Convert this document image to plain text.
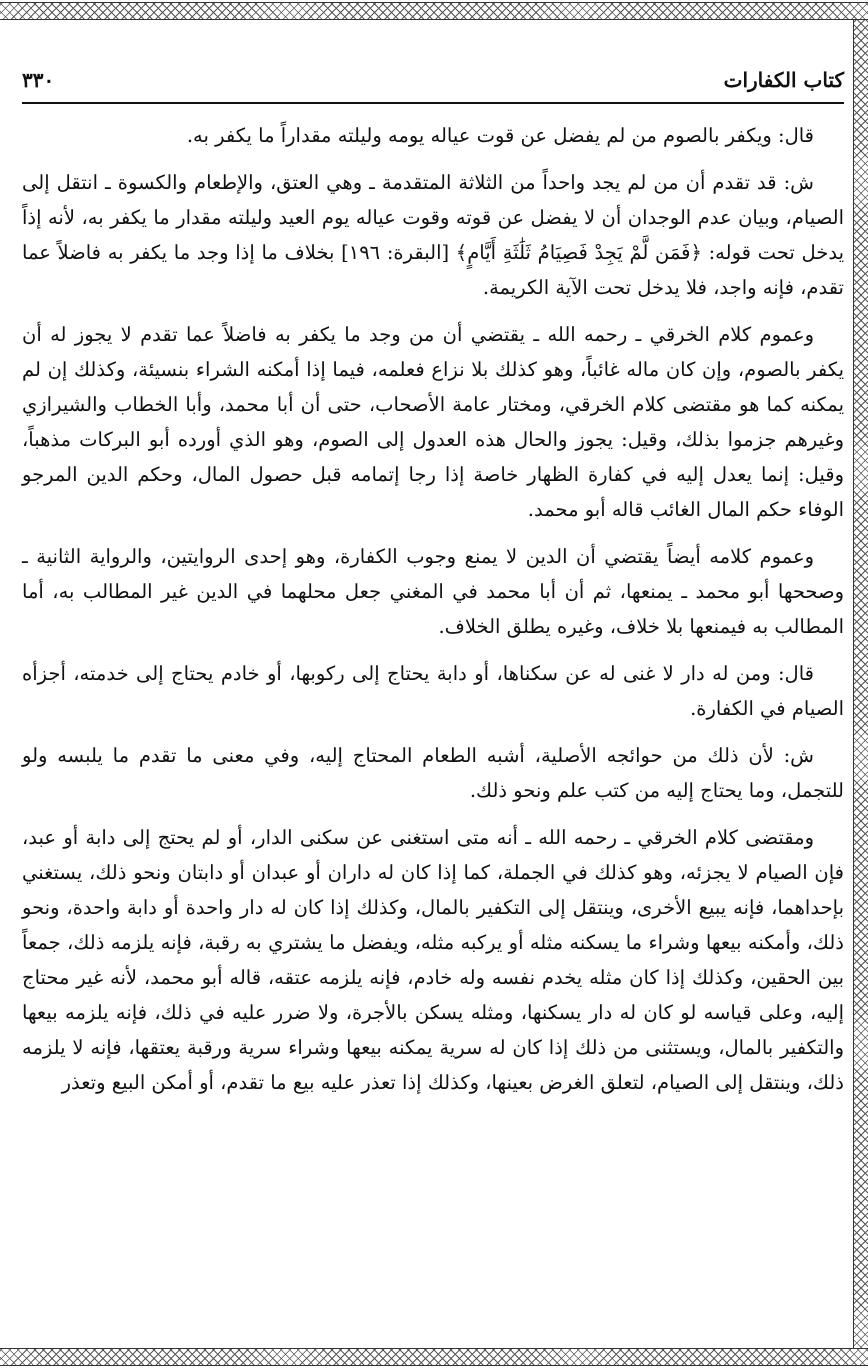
كتاب الكفارات
٣٣٠

قال: ويكفر بالصوم من لم يفضل عن قوت عياله يومه وليلته مقداراً ما يكفر به.

ش: قد تقدم أن من لم يجد واحداً من الثلاثة المتقدمة ـ وهي العتق، والإطعام والكسوة ـ انتقل إلى الصيام، وبيان عدم الوجدان أن لا يفضل عن قوته وقوت عياله يوم العيد وليلته مقدار ما يكفر به، لأنه إذاً يدخل تحت قوله: ﴿فَمَن لَّمْ يَجِدْ فَصِيَامُ ثَلَٰثَةِ أَيَّامٍ﴾ [البقرة: ١٩٦] بخلاف ما إذا وجد ما يكفر به فاضلاً عما تقدم، فإنه واجد، فلا يدخل تحت الآية الكريمة.

وعموم كلام الخرقي ـ رحمه الله ـ يقتضي أن من وجد ما يكفر به فاضلاً عما تقدم لا يجوز له أن يكفر بالصوم، وإن كان ماله غائباً، وهو كذلك بلا نزاع فعلمه، فيما إذا أمكنه الشراء بنسيئة، وكذلك إن لم يمكنه كما هو مقتضى كلام الخرقي، ومختار عامة الأصحاب، حتى أن أبا محمد، وأبا الخطاب والشيرازي وغيرهم جزموا بذلك، وقيل: يجوز والحال هذه العدول إلى الصوم، وهو الذي أورده أبو البركات مذهباً، وقيل: إنما يعدل إليه في كفارة الظهار خاصة إذا رجا إتمامه قبل حصول المال، وحكم الدين المرجو الوفاء حكم المال الغائب قاله أبو محمد.

وعموم كلامه أيضاً يقتضي أن الدين لا يمنع وجوب الكفارة، وهو إحدى الروايتين، والرواية الثانية ـ وصححها أبو محمد ـ يمنعها، ثم أن أبا محمد في المغني جعل محلهما في الدين غير المطالب به، أما المطالب به فيمنعها بلا خلاف، وغيره يطلق الخلاف.

قال: ومن له دار لا غنى له عن سكناها، أو دابة يحتاج إلى ركوبها، أو خادم يحتاج إلى خدمته، أجزأه الصيام في الكفارة.

ش: لأن ذلك من حوائجه الأصلية، أشبه الطعام المحتاج إليه، وفي معنى ما تقدم ما يلبسه ولو للتجمل، وما يحتاج إليه من كتب علم ونحو ذلك.

ومقتضى كلام الخرقي ـ رحمه الله ـ أنه متى استغنى عن سكنى الدار، أو لم يحتج إلى دابة أو عبد، فإن الصيام لا يجزئه، وهو كذلك في الجملة، كما إذا كان له داران أو عبدان أو دابتان ونحو ذلك، يستغني بإحداهما، فإنه يبيع الأخرى، وينتقل إلى التكفير بالمال، وكذلك إذا كان له دار واحدة أو دابة واحدة، ونحو ذلك، وأمكنه بيعها وشراء ما يسكنه مثله أو يركبه مثله، ويفضل ما يشتري به رقبة، فإنه يلزمه ذلك، جمعاً بين الحقين، وكذلك إذا كان مثله يخدم نفسه وله خادم، فإنه يلزمه عتقه، قاله أبو محمد، لأنه غير محتاج إليه، وعلى قياسه لو كان له دار يسكنها، ومثله يسكن بالأجرة، ولا ضرر عليه في ذلك، فإنه يلزمه بيعها والتكفير بالمال، ويستثنى من ذلك إذا كان له سرية يمكنه بيعها وشراء سرية ورقبة يعتقها، فإنه لا يلزمه ذلك، وينتقل إلى الصيام، لتعلق الغرض بعينها، وكذلك إذا تعذر عليه بيع ما تقدم، أو أمكن البيع وتعذر
